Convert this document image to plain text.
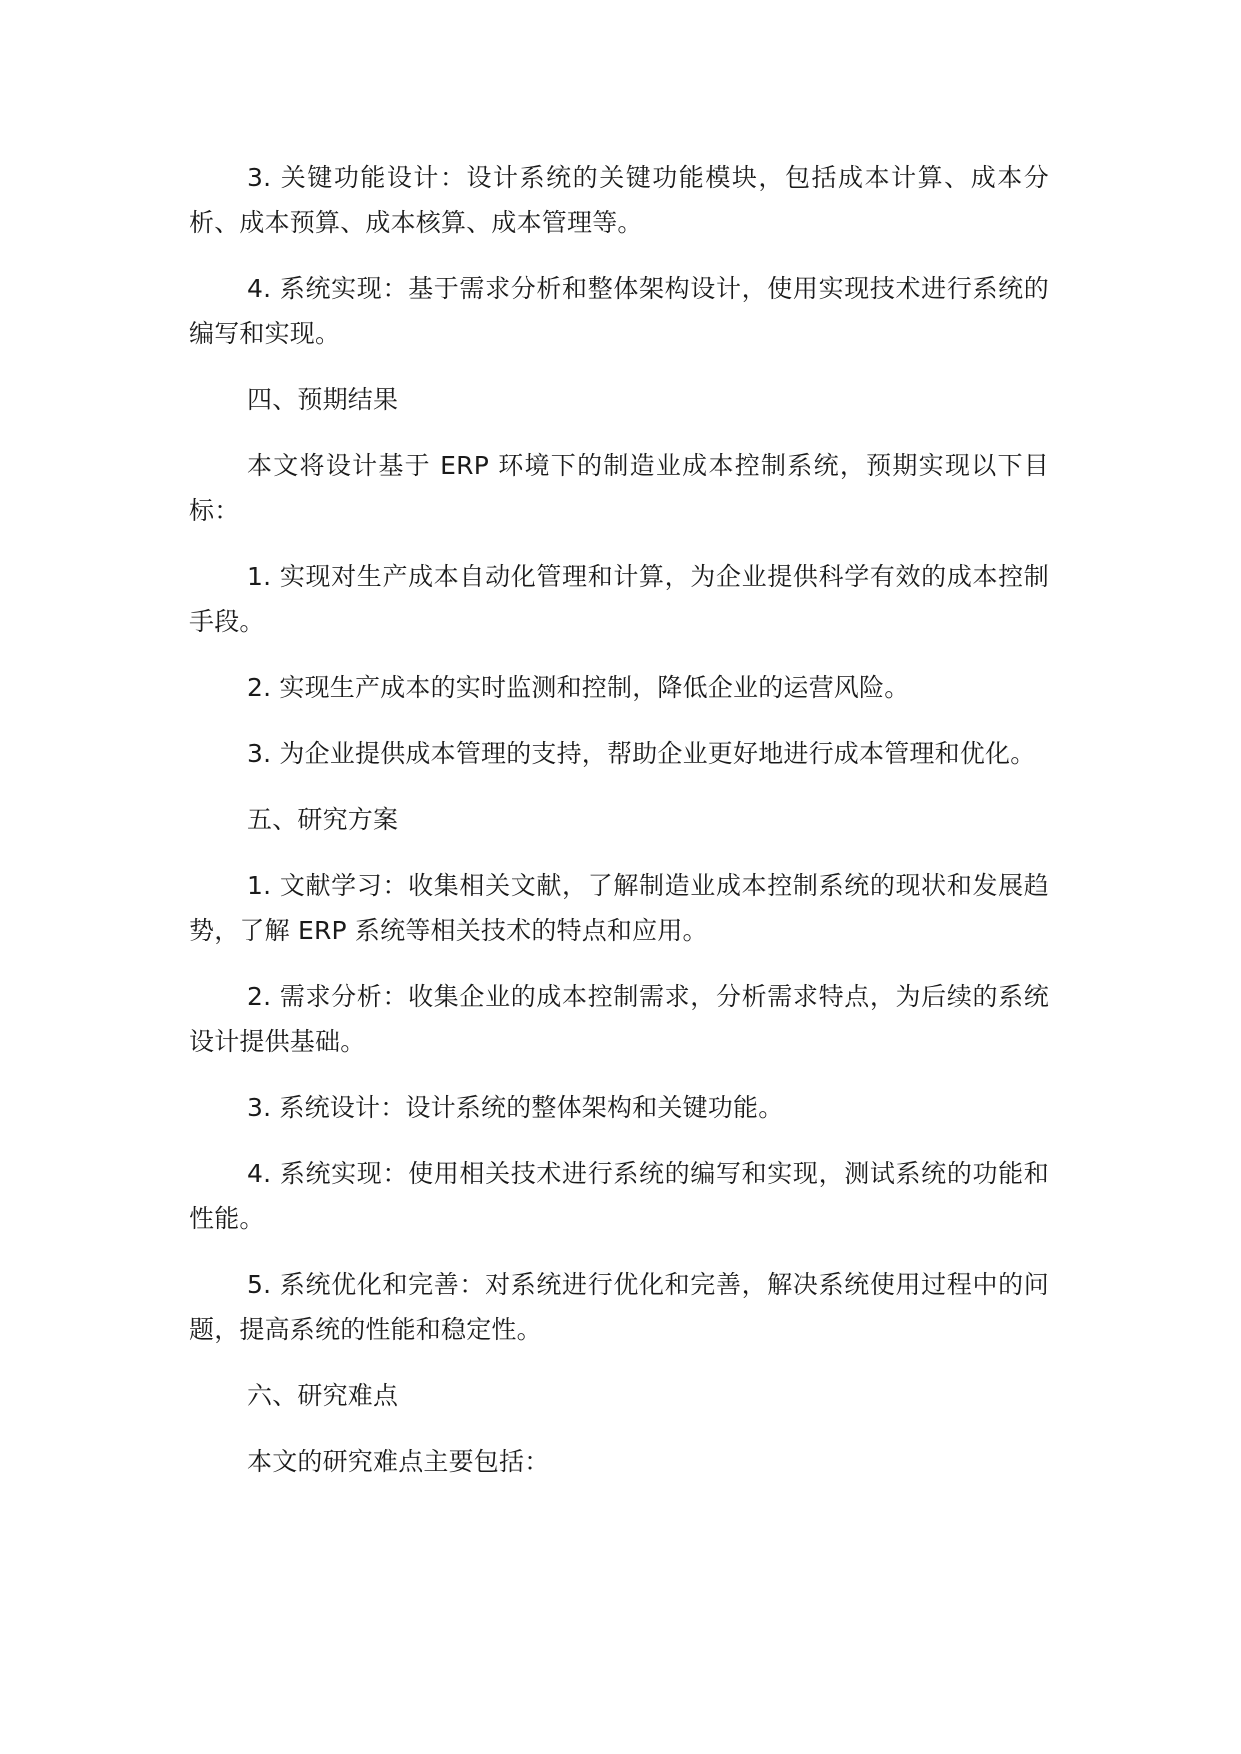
3. 关键功能设计：设计系统的关键功能模块，包括成本计算、成本分析、成本预算、成本核算、成本管理等。

4. 系统实现：基于需求分析和整体架构设计，使用实现技术进行系统的编写和实现。

四、预期结果

本文将设计基于 ERP 环境下的制造业成本控制系统，预期实现以下目标：

1. 实现对生产成本自动化管理和计算，为企业提供科学有效的成本控制手段。

2. 实现生产成本的实时监测和控制，降低企业的运营风险。

3. 为企业提供成本管理的支持，帮助企业更好地进行成本管理和优化。

五、研究方案

1. 文献学习：收集相关文献，了解制造业成本控制系统的现状和发展趋势，了解 ERP 系统等相关技术的特点和应用。

2. 需求分析：收集企业的成本控制需求，分析需求特点，为后续的系统设计提供基础。

3. 系统设计：设计系统的整体架构和关键功能。

4. 系统实现：使用相关技术进行系统的编写和实现，测试系统的功能和性能。

5. 系统优化和完善：对系统进行优化和完善，解决系统使用过程中的问题，提高系统的性能和稳定性。

六、研究难点

本文的研究难点主要包括：
